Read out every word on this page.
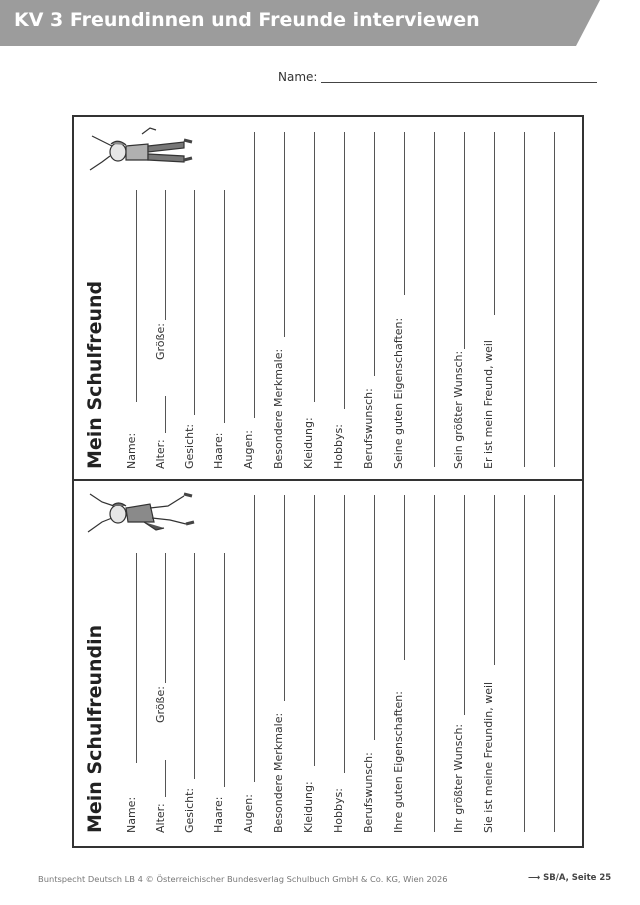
KV 3 Freundinnen und Freunde interviewen
Name:
Mein Schulfreundin Name: Alter:
Größe:
Gesicht: Haare: Augen: Besondere Merkmale: Kleidung: Hobbys: Berufswunsch: Ihre guten Eigenschaften:	Ihr größter Wunsch: Sie ist meine Freundin, weil
Mein Schulfreund Name: Alter:
Größe:
Gesicht: Haare: Augen: Besondere Merkmale: Kleidung: Hobbys: Berufswunsch: Seine guten Eigenschaften:	Sein größter Wunsch: Er ist mein Freund, weil
Buntspecht Deutsch LB 4 © Österreichischer Bundesverlag Schulbuch GmbH & Co. KG, Wien 2026	⟶ SB/A, Seite 25
